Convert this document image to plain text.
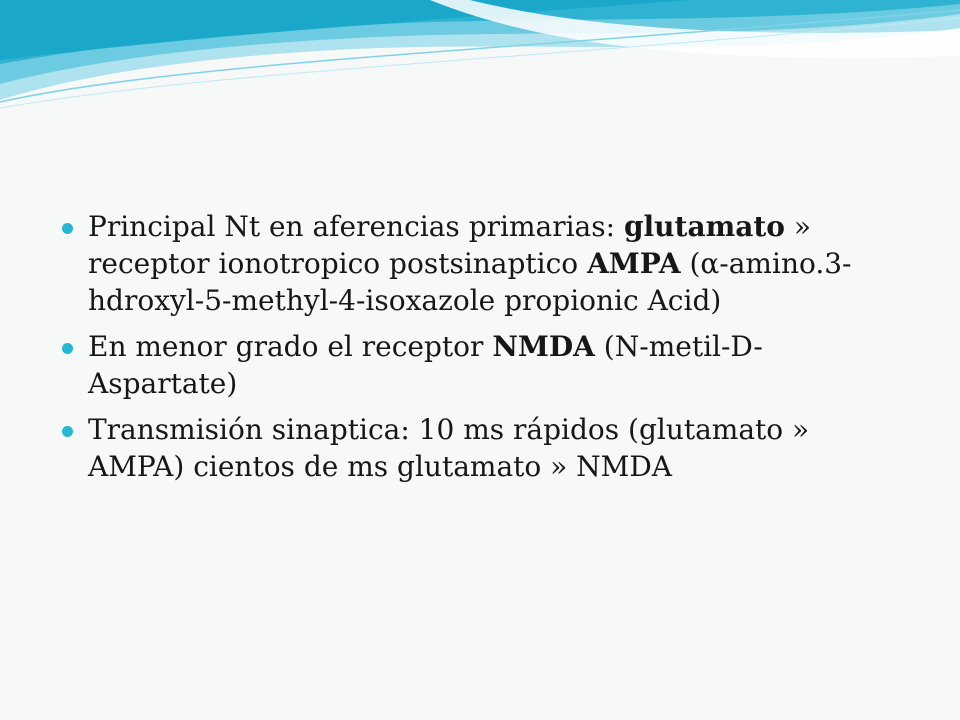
Principal Nt en aferencias primarias: glutamato » receptor ionotropico postsinaptico AMPA (α-amino.3-hdroxyl-5-methyl-4-isoxazole propionic Acid)
En menor grado el receptor NMDA (N-metil-D-Aspartate)
Transmisión sinaptica: 10 ms rápidos (glutamato » AMPA) cientos de ms glutamato » NMDA
